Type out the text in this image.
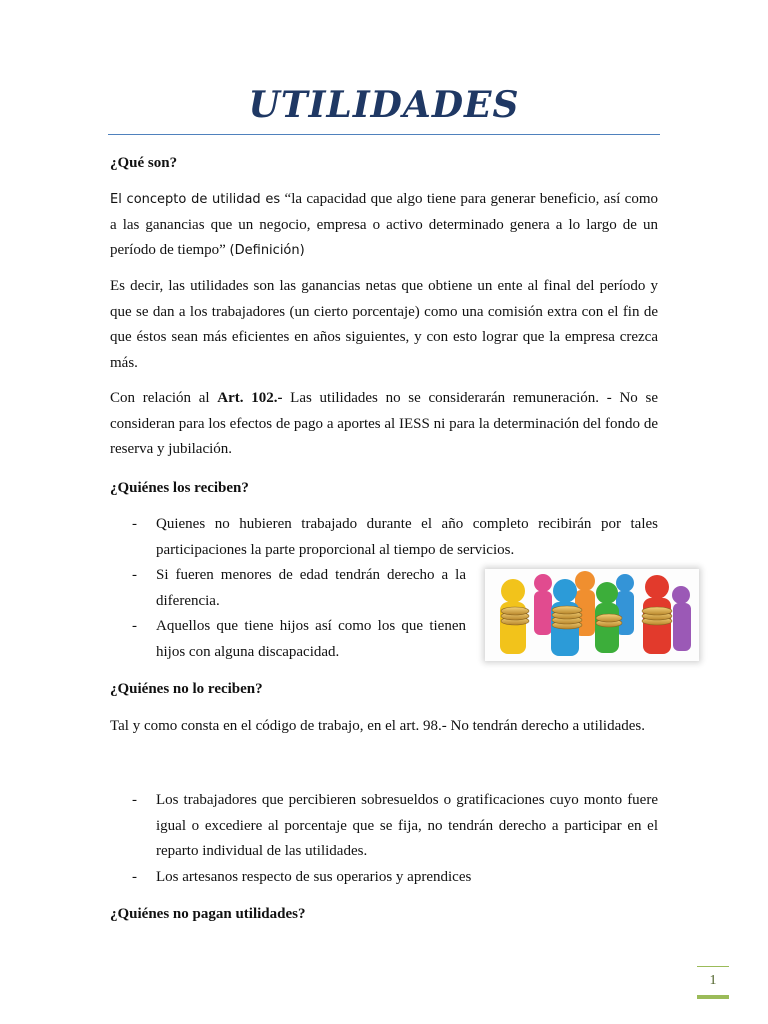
UTILIDADES
¿Qué son?
El concepto de utilidad es “la capacidad que algo tiene para generar beneficio, así como a las ganancias que un negocio, empresa o activo determinado genera a lo largo de un período de tiempo” (Definición)
Es decir, las utilidades son las ganancias netas que obtiene un ente al final del período y que se dan a los trabajadores (un cierto porcentaje) como una comisión extra con el fin de que éstos sean más eficientes en años siguientes, y con esto lograr que la empresa crezca más.
Con relación al Art. 102.- Las utilidades no se considerarán remuneración. - No se consideran para los efectos de pago a aportes al IESS ni para la determinación del fondo de reserva y jubilación.
¿Quiénes los reciben?
- Quienes no hubieren trabajado durante el año completo recibirán por tales participaciones la parte proporcional al tiempo de servicios.
- Si fueren menores de edad tendrán derecho a la diferencia.
- Aquellos que tiene hijos así como los que tienen hijos con alguna discapacidad.
¿Quiénes no lo reciben?
Tal y como consta en el código de trabajo, en el art. 98.- No tendrán derecho a utilidades.
- Los trabajadores que percibieren sobresueldos o gratificaciones cuyo monto fuere igual o excediere al porcentaje que se fija, no tendrán derecho a participar en el reparto individual de las utilidades.
- Los artesanos respecto de sus operarios y aprendices
¿Quiénes no pagan utilidades?
1
